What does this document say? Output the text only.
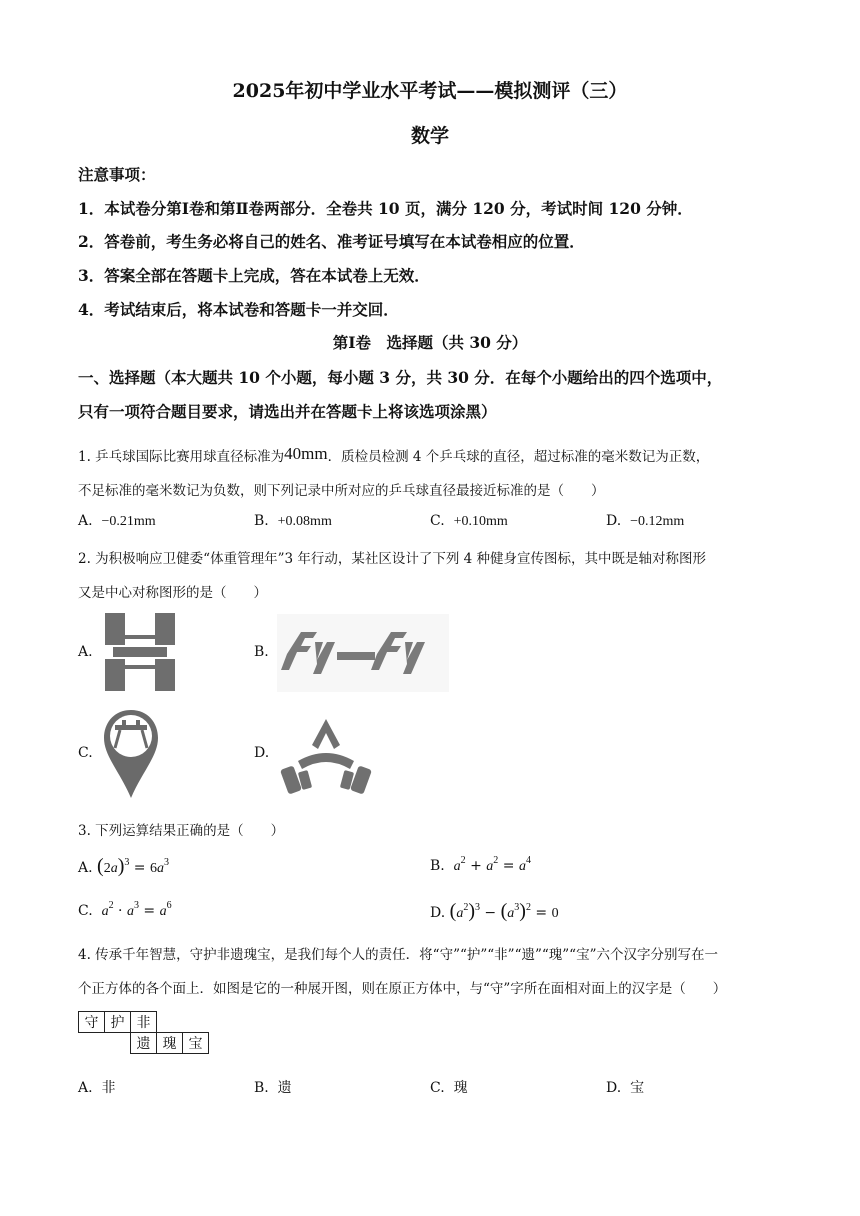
2025年初中学业水平考试——模拟测评（三）
数学
注意事项：
1．本试卷分第Ⅰ卷和第Ⅱ卷两部分．全卷共 10 页，满分 120 分，考试时间 120 分钟．
2．答卷前，考生务必将自己的姓名、准考证号填写在本试卷相应的位置．
3．答案全部在答题卡上完成，答在本试卷上无效．
4．考试结束后，将本试卷和答题卡一并交回．
第Ⅰ卷　选择题（共 30 分）
一、选择题（本大题共 10 个小题，每小题 3 分，共 30 分．在每个小题给出的四个选项中，
只有一项符合题目要求，请选出并在答题卡上将该选项涂黑）
1. 乒乓球国际比赛用球直径标准为40mm．质检员检测 4 个乒乓球的直径，超过标准的毫米数记为正数，
不足标准的毫米数记为负数，则下列记录中所对应的乒乓球直径最接近标准的是（　　）
A. −0.21mm	B. +0.08mm	C. +0.10mm	D. −0.12mm
2. 为积极响应卫健委“体重管理年”3 年行动，某社区设计了下列 4 种健身宣传图标，其中既是轴对称图形
又是中心对称图形的是（　　）
A.	B.
C.	D.
3. 下列运算结果正确的是（　　）
A. $(2a)^3 = 6a^3$	B. $a^2 + a^2 = a^4$
C. $a^2 \cdot a^3 = a^6$	D. $(a^2)^3 - (a^3)^2 = 0$
4. 传承千年智慧，守护非遗瑰宝，是我们每个人的责任．将“守”“护”“非”“遗”“瑰”“宝”六个汉字分别写在一
个正方体的各个面上．如图是它的一种展开图，则在原正方体中，与“守”字所在面相对面上的汉字是（　　）
守	护	非		
		遗	瑰	宝
A. 非	B. 遗	C. 瑰	D. 宝
